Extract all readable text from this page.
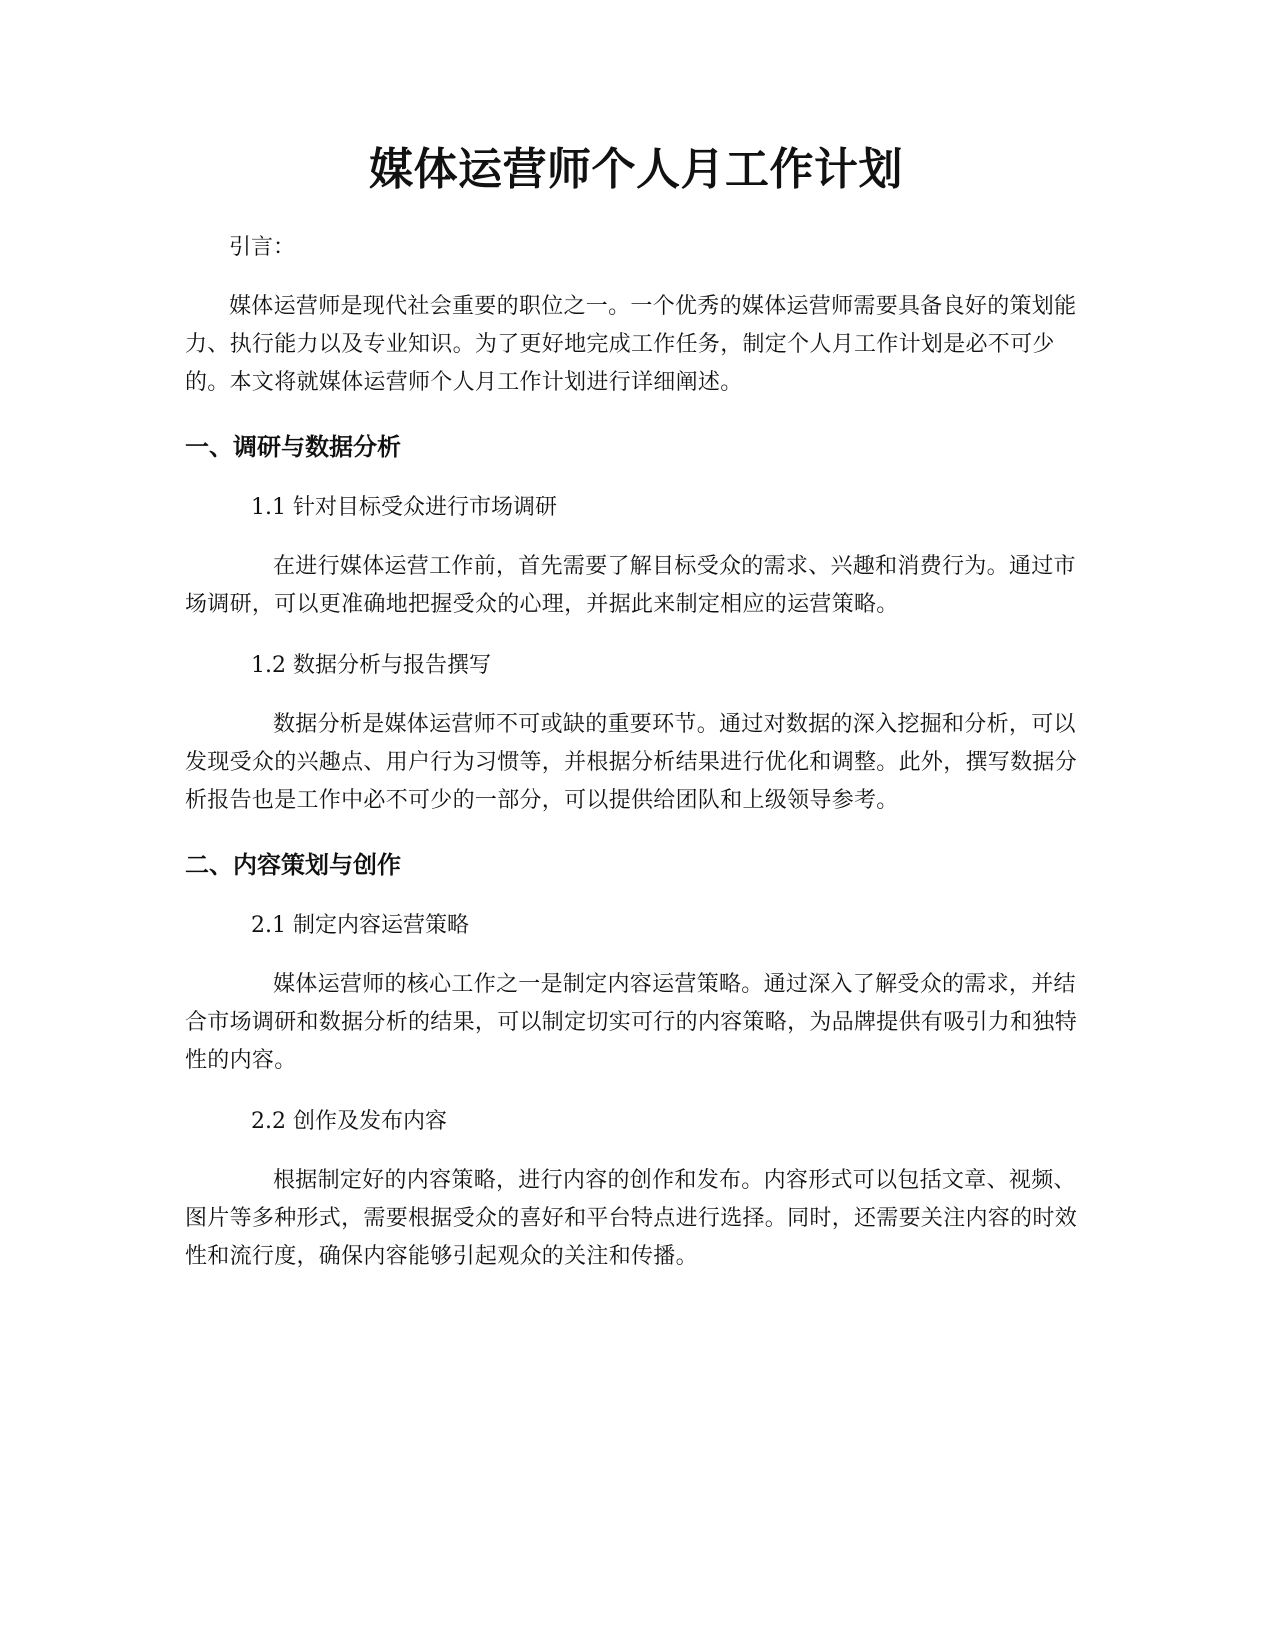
媒体运营师个人月工作计划
引言：

媒体运营师是现代社会重要的职位之一。一个优秀的媒体运营师需要具备良好的策划能力、执行能力以及专业知识。为了更好地完成工作任务，制定个人月工作计划是必不可少的。本文将就媒体运营师个人月工作计划进行详细阐述。

一、调研与数据分析
1.1 针对目标受众进行市场调研

在进行媒体运营工作前，首先需要了解目标受众的需求、兴趣和消费行为。通过市场调研，可以更准确地把握受众的心理，并据此来制定相应的运营策略。

1.2 数据分析与报告撰写

数据分析是媒体运营师不可或缺的重要环节。通过对数据的深入挖掘和分析，可以发现受众的兴趣点、用户行为习惯等，并根据分析结果进行优化和调整。此外，撰写数据分析报告也是工作中必不可少的一部分，可以提供给团队和上级领导参考。

二、内容策划与创作
2.1 制定内容运营策略

媒体运营师的核心工作之一是制定内容运营策略。通过深入了解受众的需求，并结合市场调研和数据分析的结果，可以制定切实可行的内容策略，为品牌提供有吸引力和独特性的内容。

2.2 创作及发布内容

根据制定好的内容策略，进行内容的创作和发布。内容形式可以包括文章、视频、图片等多种形式，需要根据受众的喜好和平台特点进行选择。同时，还需要关注内容的时效性和流行度，确保内容能够引起观众的关注和传播。
